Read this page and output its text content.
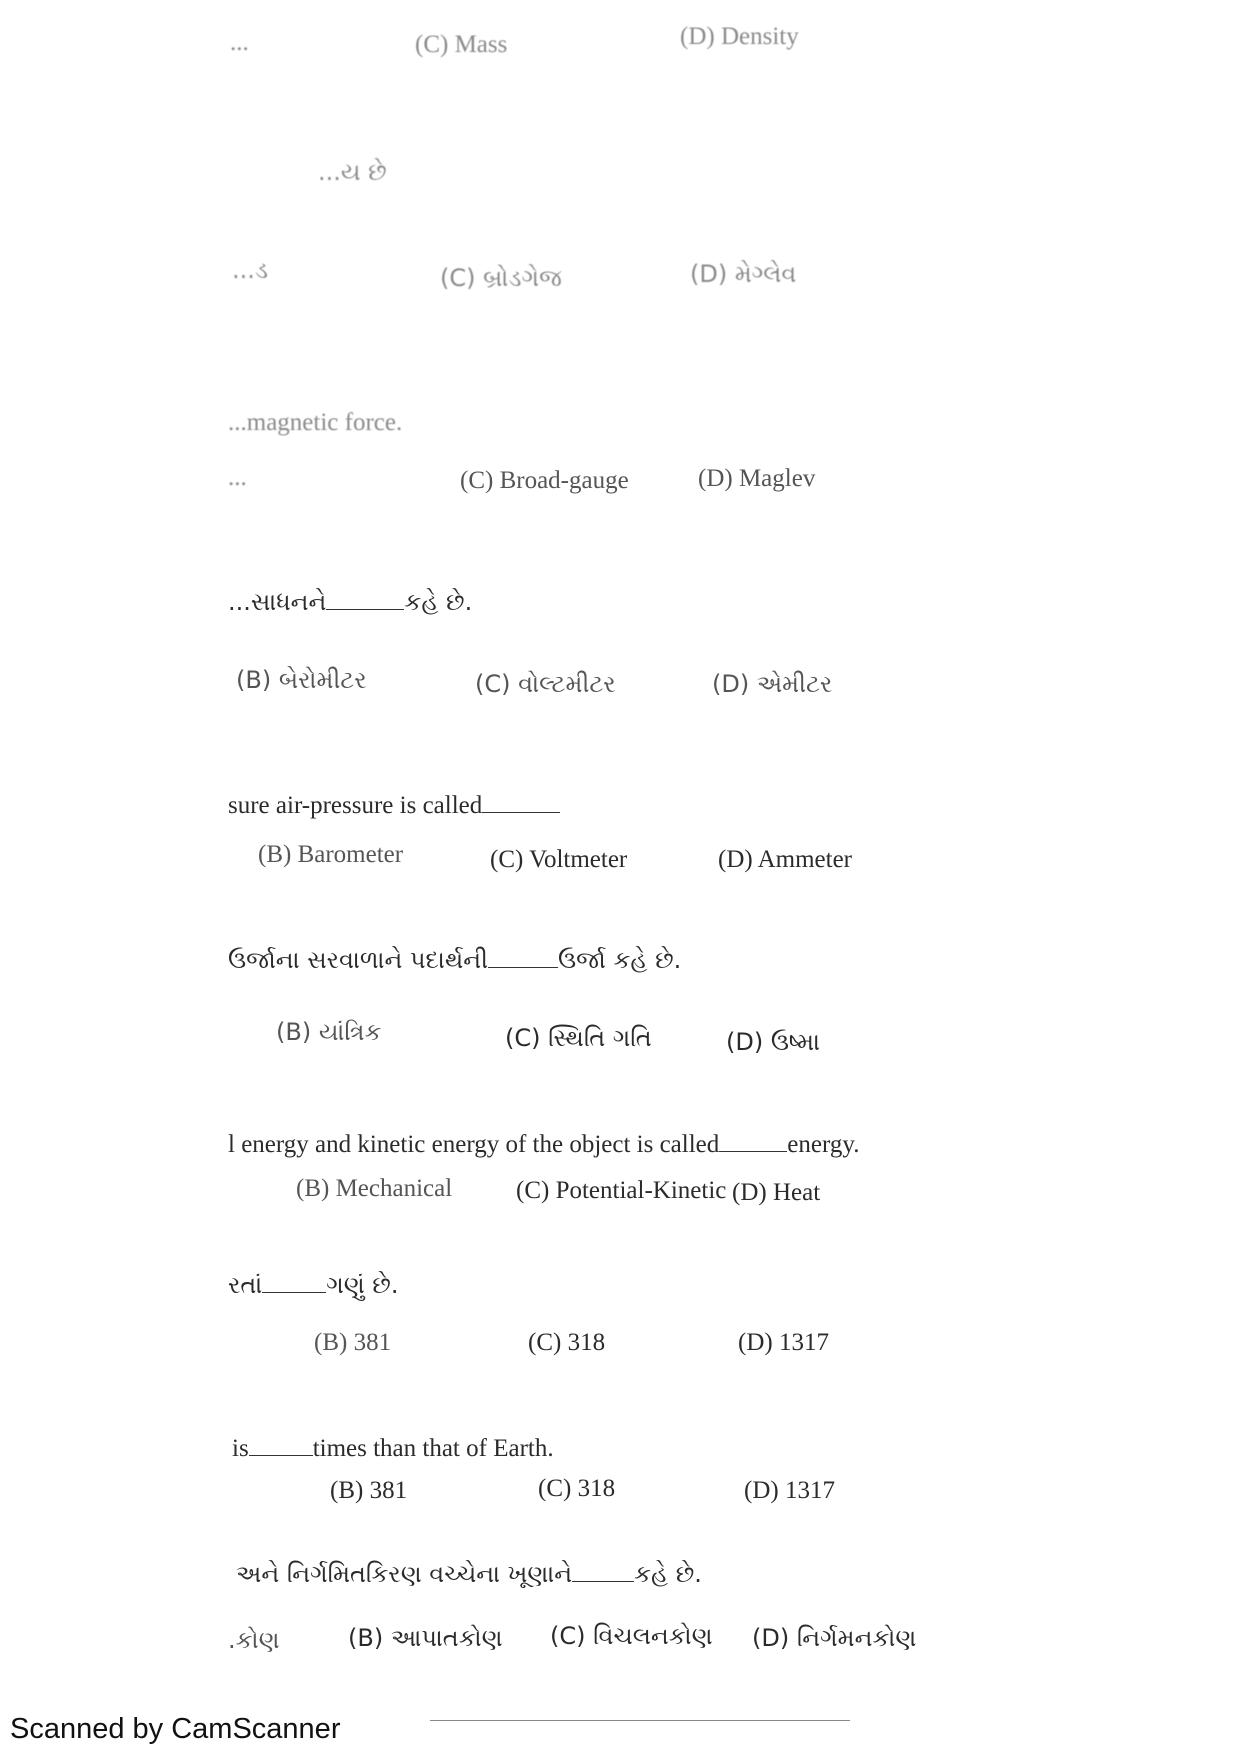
...	(C) Mass	(D) Density
...ય છે
...ડ	(C) બ્રોડગેજ	(D) મેગ્લેવ
...magnetic force.
...	(C) Broad-gauge	(D) Maglev
...સાધનને	કહે છે.
(B) બેરોમીટર	(C) વોલ્ટમીટર	(D) એમીટર
sure air-pressure is called
(B) Barometer	(C) Voltmeter	(D) Ammeter
ઉર્જાના સરવાળાને પદાર્થની	ઉર્જા કહે છે.
(B) યાંત્રિક	(C) સ્થિતિ ગતિ	(D) ઉષ્મા
l energy and kinetic energy of the object is called	energy.
(B) Mechanical	(C) Potential-Kinetic (D) Heat
રતાં	ગણું છે.
(B) 381	(C) 318	(D) 1317
is	times than that of Earth.
(B) 381	(C) 318	(D) 1317
અને નિર્ગમિતકિરણ વચ્ચેના ખૂણાને	કહે છે.
.કોણ	(B) આપાતકોણ (C) વિચલનકોણ (D) નિર્ગમનકોણ
Scanned by CamScanner
